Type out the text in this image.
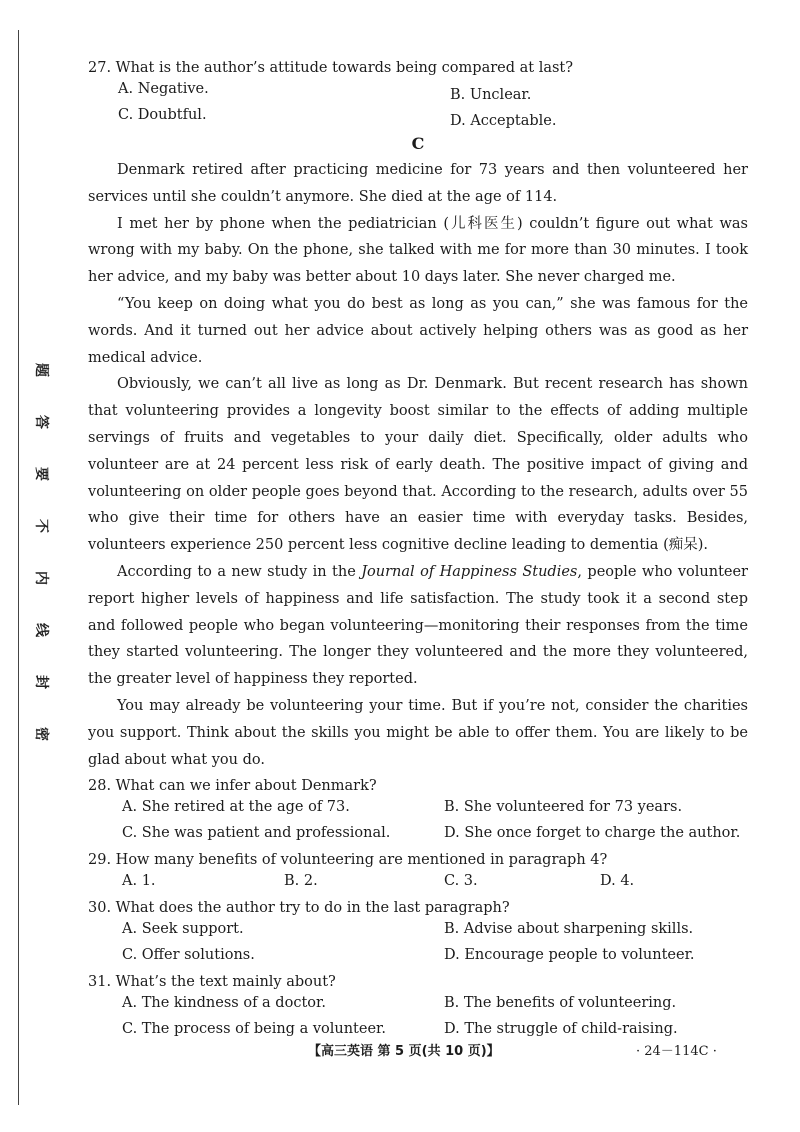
题
答
要
不
内
线
封
密

27. What is the author’s attitude towards being compared at last?

A. Negative.	B. Unclear.
C. Doubtful.	D. Acceptable.
C

Denmark retired after practicing medicine for 73 years and then volunteered her services until she couldn’t anymore. She died at the age of 114.

I met her by phone when the pediatrician (儿科医生) couldn’t figure out what was wrong with my baby. On the phone, she talked with me for more than 30 minutes. I took her advice, and my baby was better about 10 days later. She never charged me.

“You keep on doing what you do best as long as you can,” she was famous for the words. And it turned out her advice about actively helping others was as good as her medical advice.

Obviously, we can’t all live as long as Dr. Denmark. But recent research has shown that volunteering provides a longevity boost similar to the effects of adding multiple servings of fruits and vegetables to your daily diet. Specifically, older adults who volunteer are at 24 percent less risk of early death. The positive impact of giving and volunteering on older people goes beyond that. According to the research, adults over 55 who give their time for others have an easier time with everyday tasks. Besides, volunteers experience 250 percent less cognitive decline leading to dementia (痴呆).

According to a new study in the Journal of Happiness Studies, people who volunteer report higher levels of happiness and life satisfaction. The study took it a second step and followed people who began volunteering—monitoring their responses from the time they started volunteering. The longer they volunteered and the more they volunteered, the greater level of happiness they reported.

You may already be volunteering your time. But if you’re not, consider the charities you support. Think about the skills you might be able to offer them. You are likely to be glad about what you do.

28. What can we infer about Denmark?

A. She retired at the age of 73.	B. She volunteered for 73 years.
C. She was patient and professional.	D. She once forget to charge the author.

29. How many benefits of volunteering are mentioned in paragraph 4?

A. 1.	B. 2.	C. 3.	D. 4.

30. What does the author try to do in the last paragraph?

A. Seek support.	B. Advise about sharpening skills.
C. Offer solutions.	D. Encourage people to volunteer.

31. What’s the text mainly about?

A. The kindness of a doctor.	B. The benefits of volunteering.
C. The process of being a volunteer.	D. The struggle of child-raising.
【高三英语 第 5 页(共 10 页)】	· 24－114C ·
